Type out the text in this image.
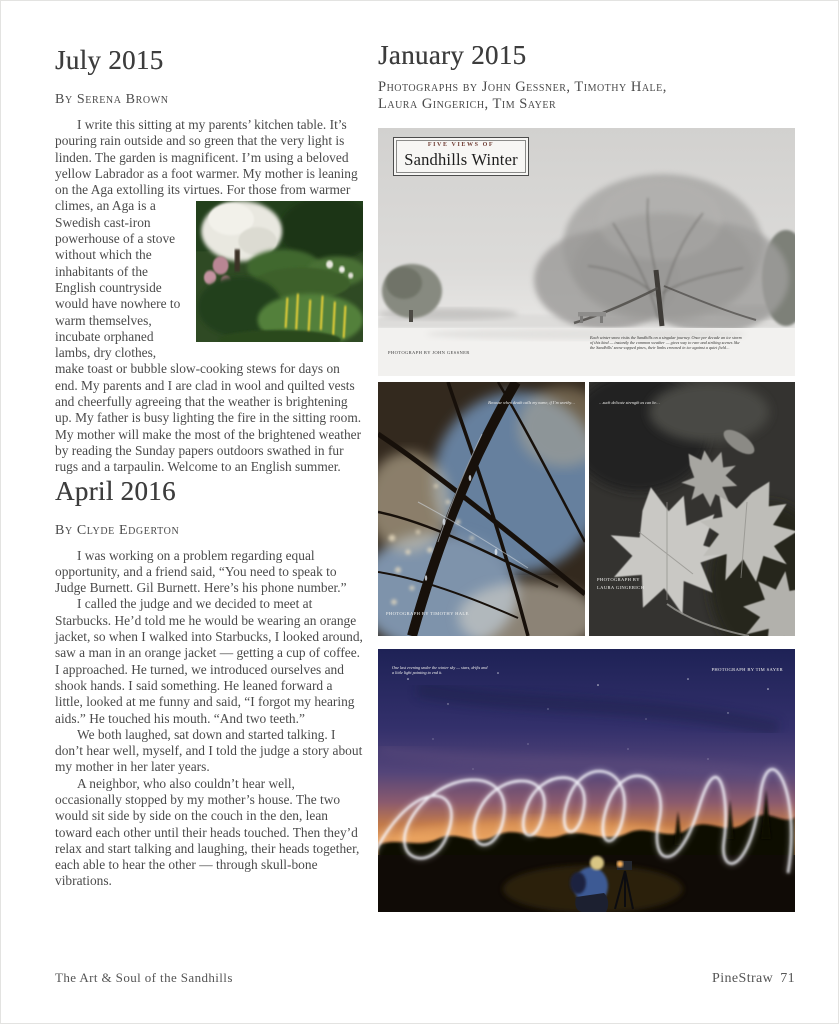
July 2015
By Serena Brown

I write this sitting at my parents’ kitchen table. It’s pouring rain outside and so green that the very light is linden. The garden is magnificent. I’m using a beloved yellow Labrador as a foot warmer. My mother is leaning on the Aga extolling its virtues. For those from warmer
climes, an Aga is a Swedish cast-iron powerhouse of a stove without which the inhabitants of the English countryside would have nowhere to warm themselves, incubate orphaned lambs, dry clothes, make toast or bubble slow-cooking stews for days on end. My parents and I are clad in wool and quilted vests and cheerfully agreeing that the weather is brightening up. My father is busy lighting the fire in the sitting room. My mother will make the most of the brightened weather by reading the Sunday papers outdoors swathed in fur rugs and a tarpaulin. Welcome to an English summer.

April 2016
By Clyde Edgerton

I was working on a problem regarding equal opportunity, and a friend said, “You need to speak to Judge Burnett. Gil Burnett. Here’s his phone number.”

I called the judge and we decided to meet at Starbucks. He’d told me he would be wearing an orange jacket, so when I walked into Starbucks, I looked around, saw a man in an orange jacket — getting a cup of coffee. I approached. He turned, we introduced ourselves and shook hands. I said something. He leaned forward a little, looked at me funny and said, “I forgot my hearing aids.” He touched his mouth. “And two teeth.”

We both laughed, sat down and started talking. I don’t hear well, myself, and I told the judge a story about my mother in her later years.

A neighbor, who also couldn’t hear well, occasionally stopped by my mother’s house. The two would sit side by side on the couch in the den, lean toward each other until their heads touched. Then they’d relax and start talking and laughing, their heads together, each able to hear the other — through skull-bone vibrations.

January 2015
Photographs by John Gessner, Timothy Hale,
Laura Gingerich, Tim Sayer
FIVE VIEWS OF
Sandhills Winter
Each winter snow visits the Sandhills on a singular journey. Once per decade an ice storm of this kind — instantly the common weather — gives way to rare and striking scenes like the Sandhills’ snow-capped pines, their limbs crowned in ice against a quiet field…
PHOTOGRAPH BY JOHN GESSNER
Because when death calls my name, if I’m worthy…
PHOTOGRAPH BY TIMOTHY HALE
…such delicate strength as can be…
PHOTOGRAPH BY
LAURA GINGERICH
One last evening under the winter sky — stars, drifts and
a little light painting to end it.
PHOTOGRAPH BY TIM SAYER
The Art & Soul of the Sandhills	PineStraw 71
